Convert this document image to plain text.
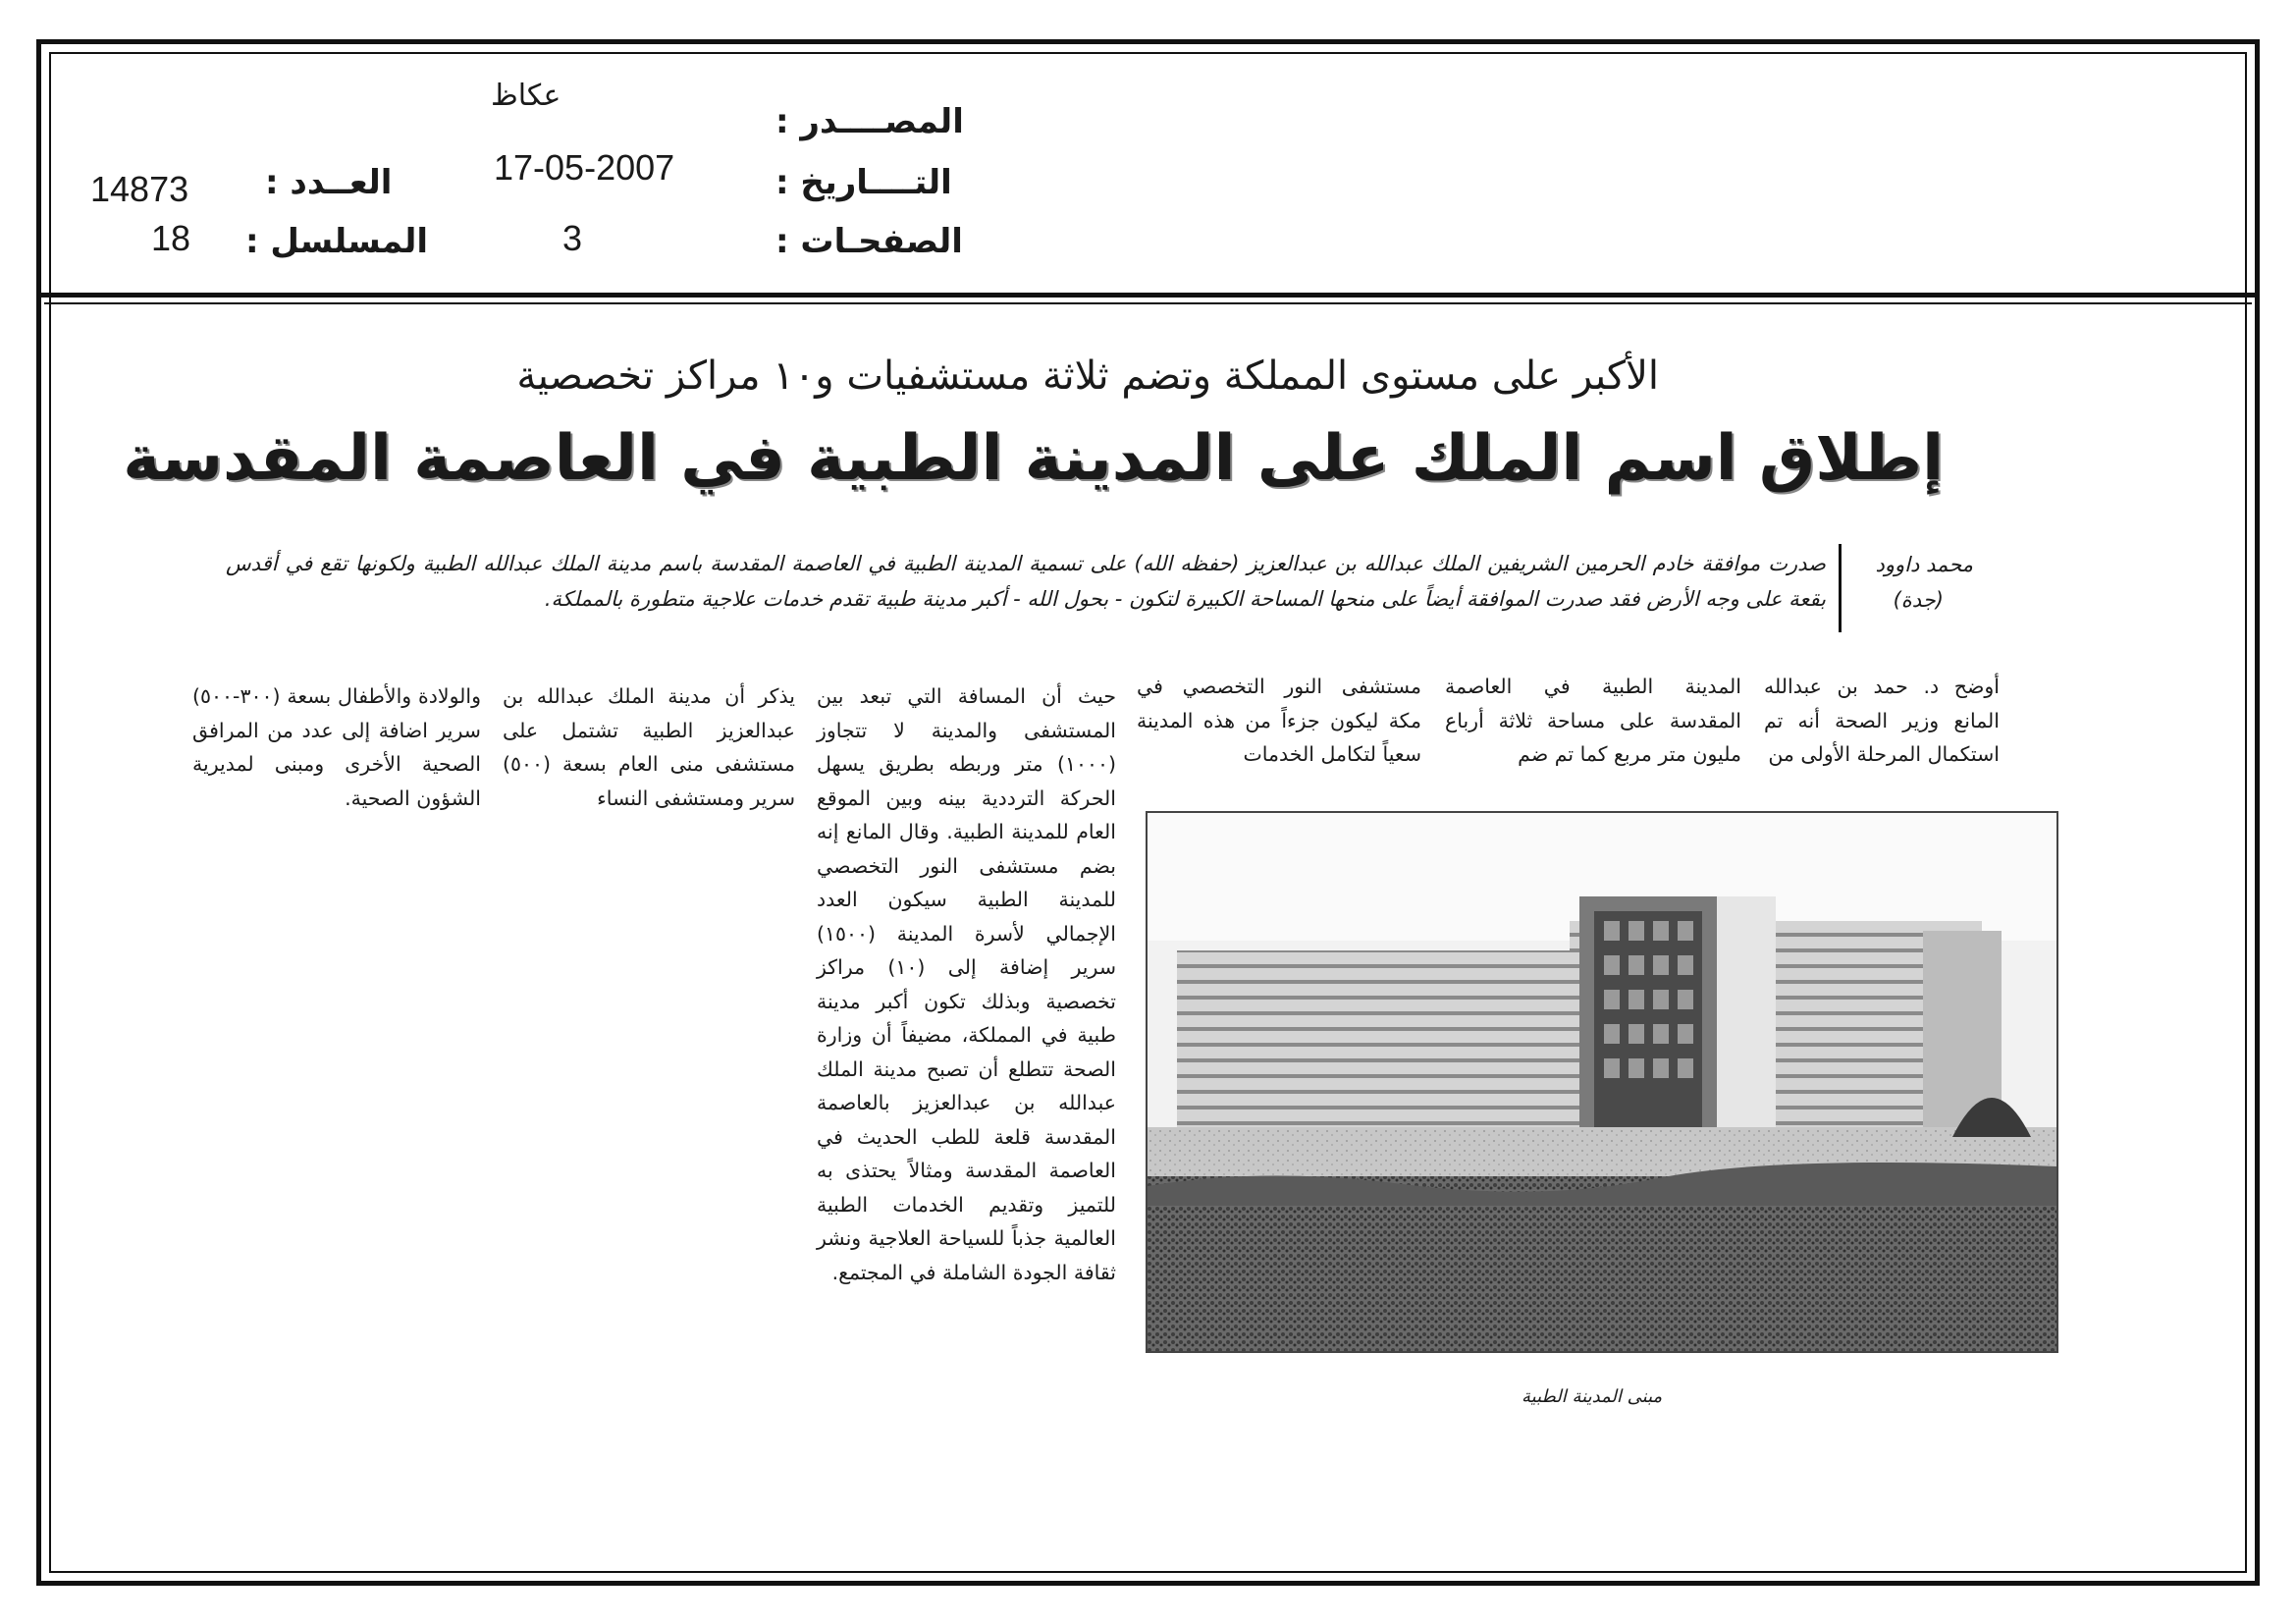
المصــــدر :
عكاظ
التــــاريخ :
17-05-2007
الصفحـات :
3
العــدد :
14873
المسلسل :
18
الأكبر على مستوى المملكة وتضم ثلاثة مستشفيات و١٠ مراكز تخصصية
إطلاق اسم الملك على المدينة الطبية في العاصمة المقدسة
محمد داوود
(جدة)
صدرت موافقة خادم الحرمين الشريفين الملك عبدالله بن عبدالعزيز (حفظه الله) على تسمية المدينة الطبية في العاصمة المقدسة باسم مدينة الملك عبدالله الطبية ولكونها تقع في أقدس بقعة على وجه الأرض فقد صدرت الموافقة أيضاً على منحها المساحة الكبيرة لتكون - بحول الله - أكبر مدينة طبية تقدم خدمات علاجية متطورة بالمملكة.
أوضح د. حمد بن عبدالله المانع وزير الصحة أنه تم استكمال المرحلة الأولى من
المدينة الطبية في العاصمة المقدسة على مساحة ثلاثة أرباع مليون متر مربع كما تم ضم
مستشفى النور التخصصي في مكة ليكون جزءاً من هذه المدينة سعياً لتكامل الخدمات
حيث أن المسافة التي تبعد بين المستشفى والمدينة لا تتجاوز (١٠٠٠) متر وربطه بطريق يسهل الحركة الترددية بينه وبين الموقع العام للمدينة الطبية. وقال المانع إنه بضم مستشفى النور التخصصي للمدينة الطبية سيكون العدد الإجمالي لأسرة المدينة (١٥٠٠) سرير إضافة إلى (١٠) مراكز تخصصية وبذلك تكون أكبر مدينة طبية في المملكة، مضيفاً أن وزارة الصحة تتطلع أن تصبح مدينة الملك عبدالله بن عبدالعزيز بالعاصمة المقدسة قلعة للطب الحديث في العاصمة المقدسة ومثالاً يحتذى به للتميز وتقديم الخدمات الطبية العالمية جذباً للسياحة العلاجية ونشر ثقافة الجودة الشاملة في المجتمع.
يذكر أن مدينة الملك عبدالله بن عبدالعزيز الطبية تشتمل على مستشفى منى العام بسعة (٥٠٠) سرير ومستشفى النساء
والولادة والأطفال بسعة (٣٠٠-٥٠٠) سرير اضافة إلى عدد من المرافق الصحية الأخرى ومبنى لمديرية الشؤون الصحية.
مبنى المدينة الطبية
